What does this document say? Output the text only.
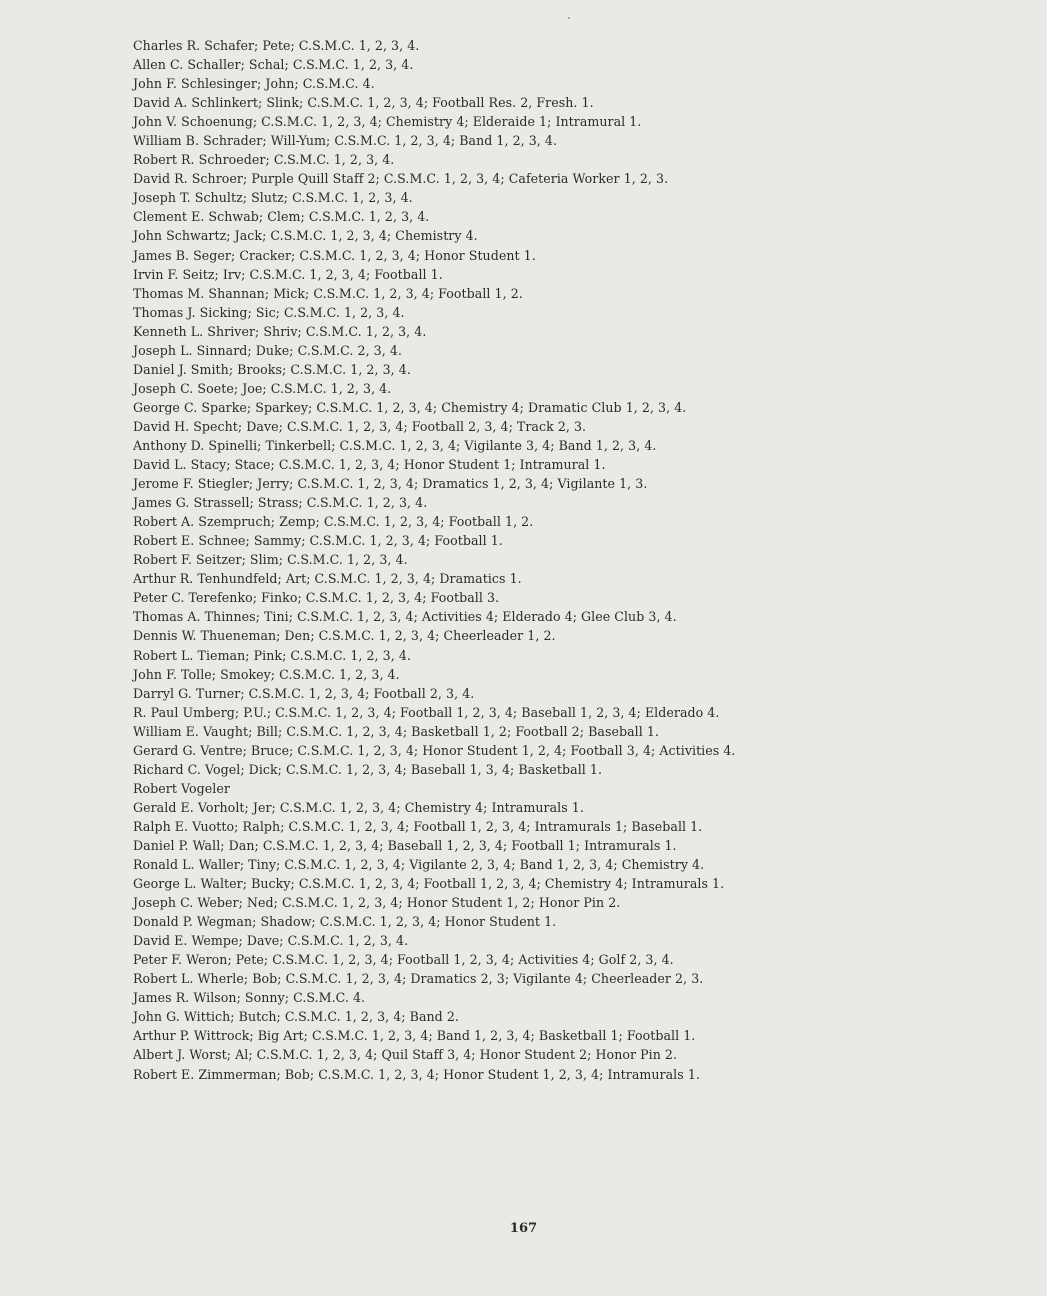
Charles R. Schafer; Pete; C.S.M.C. 1, 2, 3, 4.
Allen C. Schaller; Schal; C.S.M.C. 1, 2, 3, 4.
John F. Schlesinger; John; C.S.M.C. 4.
David A. Schlinkert; Slink; C.S.M.C. 1, 2, 3, 4; Football Res. 2, Fresh. 1.
John V. Schoenung; C.S.M.C. 1, 2, 3, 4; Chemistry 4; Elderaide 1; Intramural 1.
William B. Schrader; Will-Yum; C.S.M.C. 1, 2, 3, 4; Band 1, 2, 3, 4.
Robert R. Schroeder; C.S.M.C. 1, 2, 3, 4.
David R. Schroer; Purple Quill Staff 2; C.S.M.C. 1, 2, 3, 4; Cafeteria Worker 1, 2, 3.
Joseph T. Schultz; Slutz; C.S.M.C. 1, 2, 3, 4.
Clement E. Schwab; Clem; C.S.M.C. 1, 2, 3, 4.
John Schwartz; Jack; C.S.M.C. 1, 2, 3, 4; Chemistry 4.
James B. Seger; Cracker; C.S.M.C. 1, 2, 3, 4; Honor Student 1.
Irvin F. Seitz; Irv; C.S.M.C. 1, 2, 3, 4; Football 1.
Thomas M. Shannan; Mick; C.S.M.C. 1, 2, 3, 4; Football 1, 2.
Thomas J. Sicking; Sic; C.S.M.C. 1, 2, 3, 4.
Kenneth L. Shriver; Shriv; C.S.M.C. 1, 2, 3, 4.
Joseph L. Sinnard; Duke; C.S.M.C. 2, 3, 4.
Daniel J. Smith; Brooks; C.S.M.C. 1, 2, 3, 4.
Joseph C. Soete; Joe; C.S.M.C. 1, 2, 3, 4.
George C. Sparke; Sparkey; C.S.M.C. 1, 2, 3, 4; Chemistry 4; Dramatic Club 1, 2, 3, 4.
David H. Specht; Dave; C.S.M.C. 1, 2, 3, 4; Football 2, 3, 4; Track 2, 3.
Anthony D. Spinelli; Tinkerbell; C.S.M.C. 1, 2, 3, 4; Vigilante 3, 4; Band 1, 2, 3, 4.
David L. Stacy; Stace; C.S.M.C. 1, 2, 3, 4; Honor Student 1; Intramural 1.
Jerome F. Stiegler; Jerry; C.S.M.C. 1, 2, 3, 4; Dramatics 1, 2, 3, 4; Vigilante 1, 3.
James G. Strassell; Strass; C.S.M.C. 1, 2, 3, 4.
Robert A. Szempruch; Zemp; C.S.M.C. 1, 2, 3, 4; Football 1, 2.
Robert E. Schnee; Sammy; C.S.M.C. 1, 2, 3, 4; Football 1.
Robert F. Seitzer; Slim; C.S.M.C. 1, 2, 3, 4.
Arthur R. Tenhundfeld; Art; C.S.M.C. 1, 2, 3, 4; Dramatics 1.
Peter C. Terefenko; Finko; C.S.M.C. 1, 2, 3, 4; Football 3.
Thomas A. Thinnes; Tini; C.S.M.C. 1, 2, 3, 4; Activities 4; Elderado 4; Glee Club 3, 4.
Dennis W. Thueneman; Den; C.S.M.C. 1, 2, 3, 4; Cheerleader 1, 2.
Robert L. Tieman; Pink; C.S.M.C. 1, 2, 3, 4.
John F. Tolle; Smokey; C.S.M.C. 1, 2, 3, 4.
Darryl G. Turner; C.S.M.C. 1, 2, 3, 4; Football 2, 3, 4.
R. Paul Umberg; P.U.; C.S.M.C. 1, 2, 3, 4; Football 1, 2, 3, 4; Baseball 1, 2, 3, 4; Elderado 4.
William E. Vaught; Bill; C.S.M.C. 1, 2, 3, 4; Basketball 1, 2; Football 2; Baseball 1.
Gerard G. Ventre; Bruce; C.S.M.C. 1, 2, 3, 4; Honor Student 1, 2, 4; Football 3, 4; Activities 4.
Richard C. Vogel; Dick; C.S.M.C. 1, 2, 3, 4; Baseball 1, 3, 4; Basketball 1.
Robert Vogeler
Gerald E. Vorholt; Jer; C.S.M.C. 1, 2, 3, 4; Chemistry 4; Intramurals 1.
Ralph E. Vuotto; Ralph; C.S.M.C. 1, 2, 3, 4; Football 1, 2, 3, 4; Intramurals 1; Baseball 1.
Daniel P. Wall; Dan; C.S.M.C. 1, 2, 3, 4; Baseball 1, 2, 3, 4; Football 1; Intramurals 1.
Ronald L. Waller; Tiny; C.S.M.C. 1, 2, 3, 4; Vigilante 2, 3, 4; Band 1, 2, 3, 4; Chemistry 4.
George L. Walter; Bucky; C.S.M.C. 1, 2, 3, 4; Football 1, 2, 3, 4; Chemistry 4; Intramurals 1.
Joseph C. Weber; Ned; C.S.M.C. 1, 2, 3, 4; Honor Student 1, 2; Honor Pin 2.
Donald P. Wegman; Shadow; C.S.M.C. 1, 2, 3, 4; Honor Student 1.
David E. Wempe; Dave; C.S.M.C. 1, 2, 3, 4.
Peter F. Weron; Pete; C.S.M.C. 1, 2, 3, 4; Football 1, 2, 3, 4; Activities 4; Golf 2, 3, 4.
Robert L. Wherle; Bob; C.S.M.C. 1, 2, 3, 4; Dramatics 2, 3; Vigilante 4; Cheerleader 2, 3.
James R. Wilson; Sonny; C.S.M.C. 4.
John G. Wittich; Butch; C.S.M.C. 1, 2, 3, 4; Band 2.
Arthur P. Wittrock; Big Art; C.S.M.C. 1, 2, 3, 4; Band 1, 2, 3, 4; Basketball 1; Football 1.
Albert J. Worst; Al; C.S.M.C. 1, 2, 3, 4; Quil Staff 3, 4; Honor Student 2; Honor Pin 2.
Robert E. Zimmerman; Bob; C.S.M.C. 1, 2, 3, 4; Honor Student 1, 2, 3, 4; Intramurals 1.
167
